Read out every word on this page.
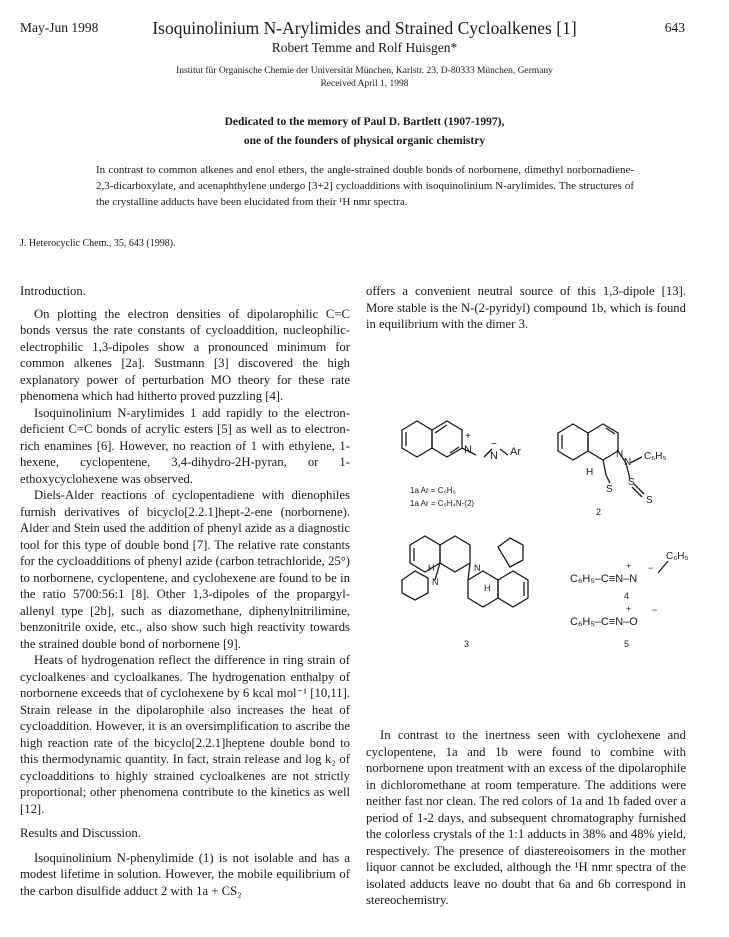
May-Jun 1998	Isoquinolinium N-Arylimides and Strained Cycloalkenes [1]	643
Robert Temme and Rolf Huisgen*
Institut für Organische Chemie der Universität München, Karlstr. 23, D-80333 München, Germany
Received April 1, 1998
Dedicated to the memory of Paul D. Bartlett (1907-1997),
one of the founders of physical organic chemistry
In contrast to common alkenes and enol ethers, the angle-strained double bonds of norbornene, dimethyl norbornadiene-2,3-dicarboxylate, and acenaphthylene undergo [3+2] cycloadditions with isoquinolinium N-arylimides. The structures of the crystalline adducts have been elucidated from their ¹H nmr spectra.
J. Heterocyclic Chem., 35, 643 (1998).

Introduction.

On plotting the electron densities of dipolarophilic C=C bonds versus the rate constants of cycloaddition, nucleophilic-electrophilic 1,3-dipoles show a pronounced minimum for common alkenes [2a]. Sustmann [3] discovered the high explanatory power of perturbation MO theory for these rate phenomena which had hitherto proved puzzling [4].

Isoquinolinium N-arylimides 1 add rapidly to the electron-deficient C=C bonds of acrylic esters [5] as well as to electron-rich enamines [6]. However, no reaction of 1 with ethylene, 1-hexene, cyclopentene, 3,4-dihydro-2H-pyran, or 1-ethoxycyclohexene was observed.

Diels-Alder reactions of cyclopentadiene with dienophiles furnish derivatives of bicyclo[2.2.1]hept-2-ene (norbornene). Alder and Stein used the addition of phenyl azide as a diagnostic tool for this type of double bond [7]. The relative rate constants for the cycloadditions of phenyl azide (carbon tetrachloride, 25°) to norbornene, cyclopentene, and cyclohexene are found to be in the ratio 5700:56:1 [8]. Other 1,3-dipoles of the propargyl-allenyl type [2b], such as diazomethane, diphenylnitrilimine, benzonitrile oxide, etc., also show such high reactivity towards the strained double bond of norbornene [9].

Heats of hydrogenation reflect the difference in ring strain of cycloalkenes and cycloalkanes. The hydrogenation enthalpy of norbornene exceeds that of cyclohexene by 6 kcal mol⁻¹ [10,11]. Strain release in the dipolarophile also increases the heat of cycloaddition. However, it is an oversimplification to ascribe the high reaction rate of the bicyclo[2.2.1]heptene double bond to this thermodynamic quantity. In fact, strain release and log k₂ of cycloadditions to highly strained cycloalkenes are not strictly proportional; other phenomena contribute to the kinetics as well [12].

Results and Discussion.

Isoquinolinium N-phenylimide (1) is not isolable and has a modest lifetime in solution. However, the mobile equilibrium of the carbon disulfide adduct 2 with 1a + CS₂

offers a convenient neutral source of this 1,3-dipole [13]. More stable is the N-(2-pyridyl) compound 1b, which is found in equilibrium with the dimer 3.

In contrast to the inertness seen with cyclohexene and cyclopentene, 1a and 1b were found to combine with norbornene upon treatment with an excess of the dipolarophile in dichloromethane at room temperature. The additions were neither fast nor clean. The red colors of 1a and 1b faded over a period of 1-2 days, and subsequent chromatography furnished the colorless crystals of the 1:1 adducts in 38% and 48% yield, respectively. The presence of diastereoisomers in the mother liquor cannot be excluded, although the ¹H nmr spectra of the isolated adducts leave no doubt that 6a and 6b correspond in stereochemistry.

N
+
N
−
Ar
1a Ar = C₆H₅
1a Ar = C₅H₄N-(2)
N
N
C₆H₅
H
S
S
S
2
N
N
H
H
3
C₆H₅–C≡N–N
+ −
C₆H₅
4
C₆H₅–C≡N–O
+ −
5
